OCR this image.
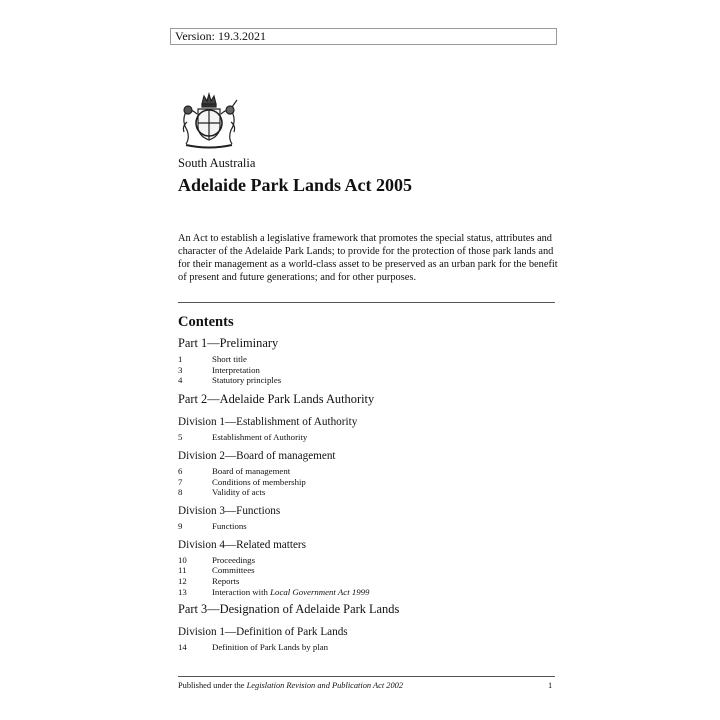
Version: 19.3.2021
South Australia
Adelaide Park Lands Act 2005

An Act to establish a legislative framework that promotes the special status, attributes and character of the Adelaide Park Lands; to provide for the protection of those park lands and for their management as a world-class asset to be preserved as an urban park for the benefit of present and future generations; and for other purposes.

Contents

Part 1—Preliminary

1	Short title
3	Interpretation
4	Statutory principles

Part 2—Adelaide Park Lands Authority

Division 1—Establishment of Authority

5	Establishment of Authority

Division 2—Board of management

6	Board of management
7	Conditions of membership
8	Validity of acts

Division 3—Functions

9	Functions

Division 4—Related matters

10	Proceedings
11	Committees
12	Reports
13	Interaction with Local Government Act 1999

Part 3—Designation of Adelaide Park Lands

Division 1—Definition of Park Lands

14	Definition of Park Lands by plan
Published under the Legislation Revision and Publication Act 2002	1
